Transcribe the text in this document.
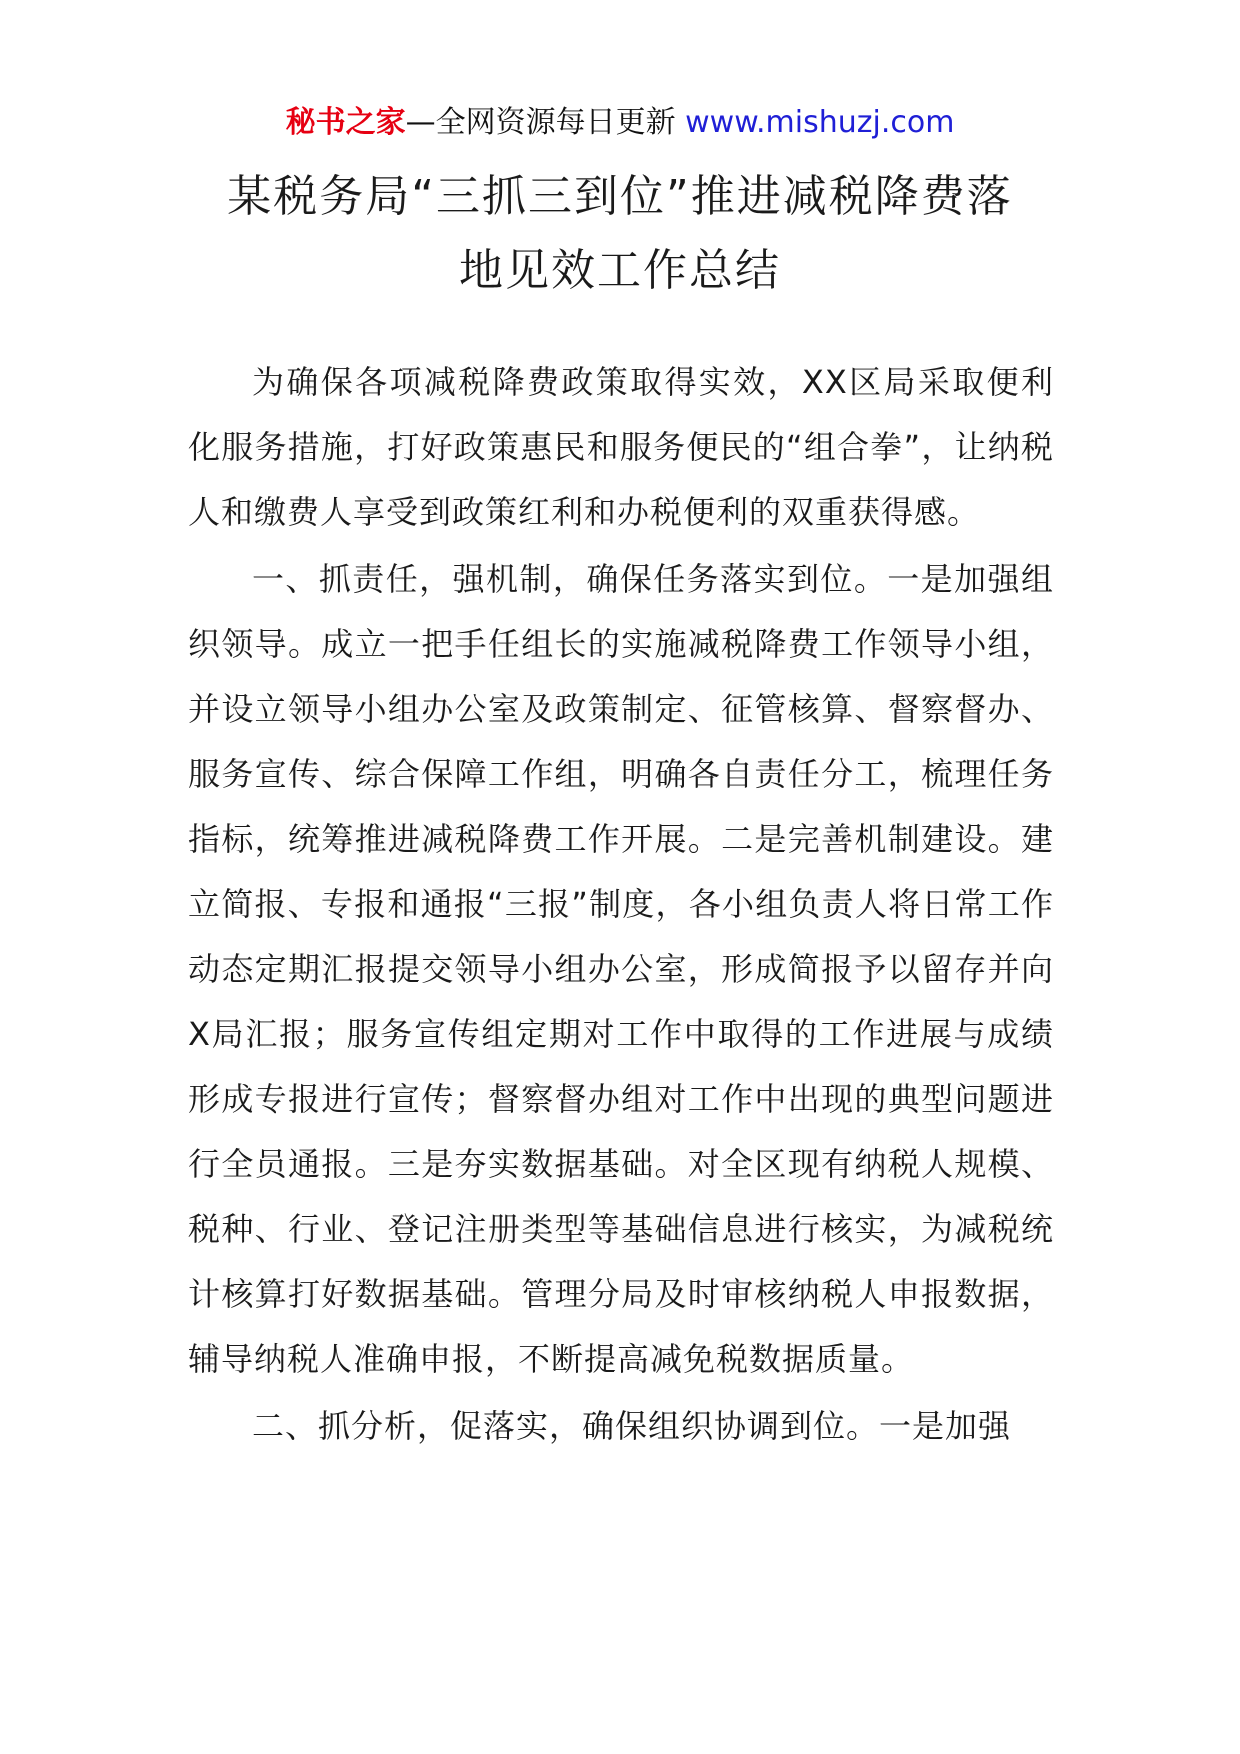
秘书之家—全网资源每日更新 www.mishuzj.com
某税务局“三抓三到位”推进减税降费落
地见效工作总结

为确保各项减税降费政策取得实效，XX区局采取便利化服务措施，打好政策惠民和服务便民的“组合拳”，让纳税人和缴费人享受到政策红利和办税便利的双重获得感。

一、抓责任，强机制，确保任务落实到位。一是加强组织领导。成立一把手任组长的实施减税降费工作领导小组，并设立领导小组办公室及政策制定、征管核算、督察督办、服务宣传、综合保障工作组，明确各自责任分工，梳理任务指标，统筹推进减税降费工作开展。二是完善机制建设。建立简报、专报和通报“三报”制度，各小组负责人将日常工作动态定期汇报提交领导小组办公室，形成简报予以留存并向X局汇报；服务宣传组定期对工作中取得的工作进展与成绩形成专报进行宣传；督察督办组对工作中出现的典型问题进行全员通报。三是夯实数据基础。对全区现有纳税人规模、税种、行业、登记注册类型等基础信息进行核实，为减税统计核算打好数据基础。管理分局及时审核纳税人申报数据，辅导纳税人准确申报，不断提高减免税数据质量。

二、抓分析，促落实，确保组织协调到位。一是加强
